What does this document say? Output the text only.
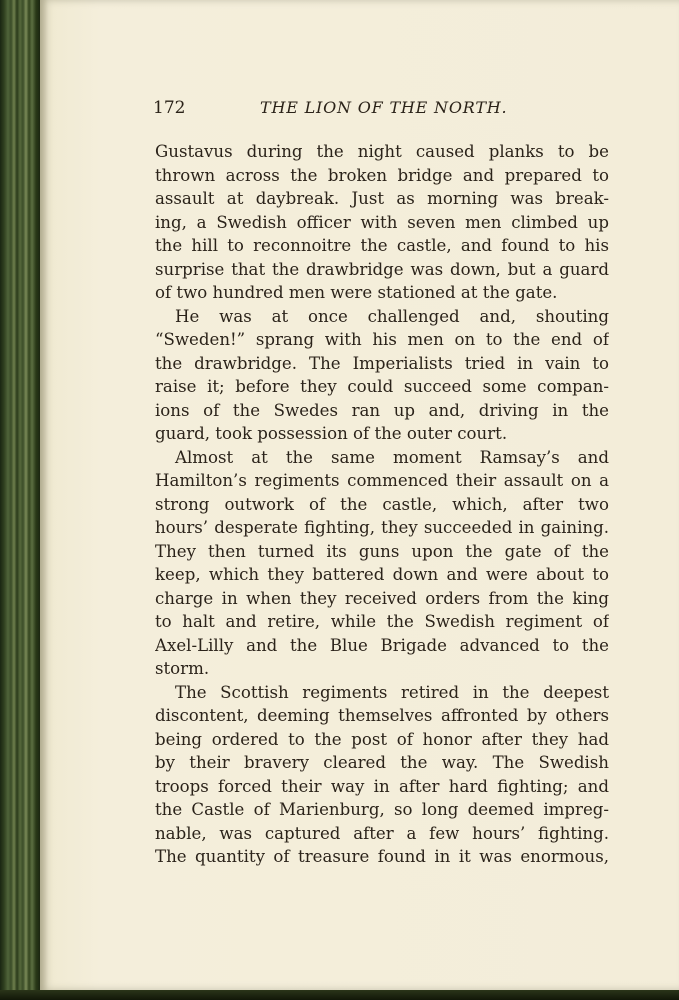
172	THE LION OF THE NORTH.
Gustavus during the night caused planks to be
thrown across the broken bridge and prepared to
assault at daybreak. Just as morning was break-
ing, a Swedish officer with seven men climbed up
the hill to reconnoitre the castle, and found to his
surprise that the drawbridge was down, but a guard
of two hundred men were stationed at the gate.
He was at once challenged and, shouting
“Sweden!” sprang with his men on to the end of
the drawbridge. The Imperialists tried in vain to
raise it; before they could succeed some compan-
ions of the Swedes ran up and, driving in the
guard, took possession of the outer court.
Almost at the same moment Ramsay’s and
Hamilton’s regiments commenced their assault on a
strong outwork of the castle, which, after two
hours’ desperate fighting, they succeeded in gaining.
They then turned its guns upon the gate of the
keep, which they battered down and were about to
charge in when they received orders from the king
to halt and retire, while the Swedish regiment of
Axel-Lilly and the Blue Brigade advanced to the
storm.
The Scottish regiments retired in the deepest
discontent, deeming themselves affronted by others
being ordered to the post of honor after they had
by their bravery cleared the way. The Swedish
troops forced their way in after hard fighting; and
the Castle of Marienburg, so long deemed impreg-
nable, was captured after a few hours’ fighting.
The quantity of treasure found in it was enormous,
